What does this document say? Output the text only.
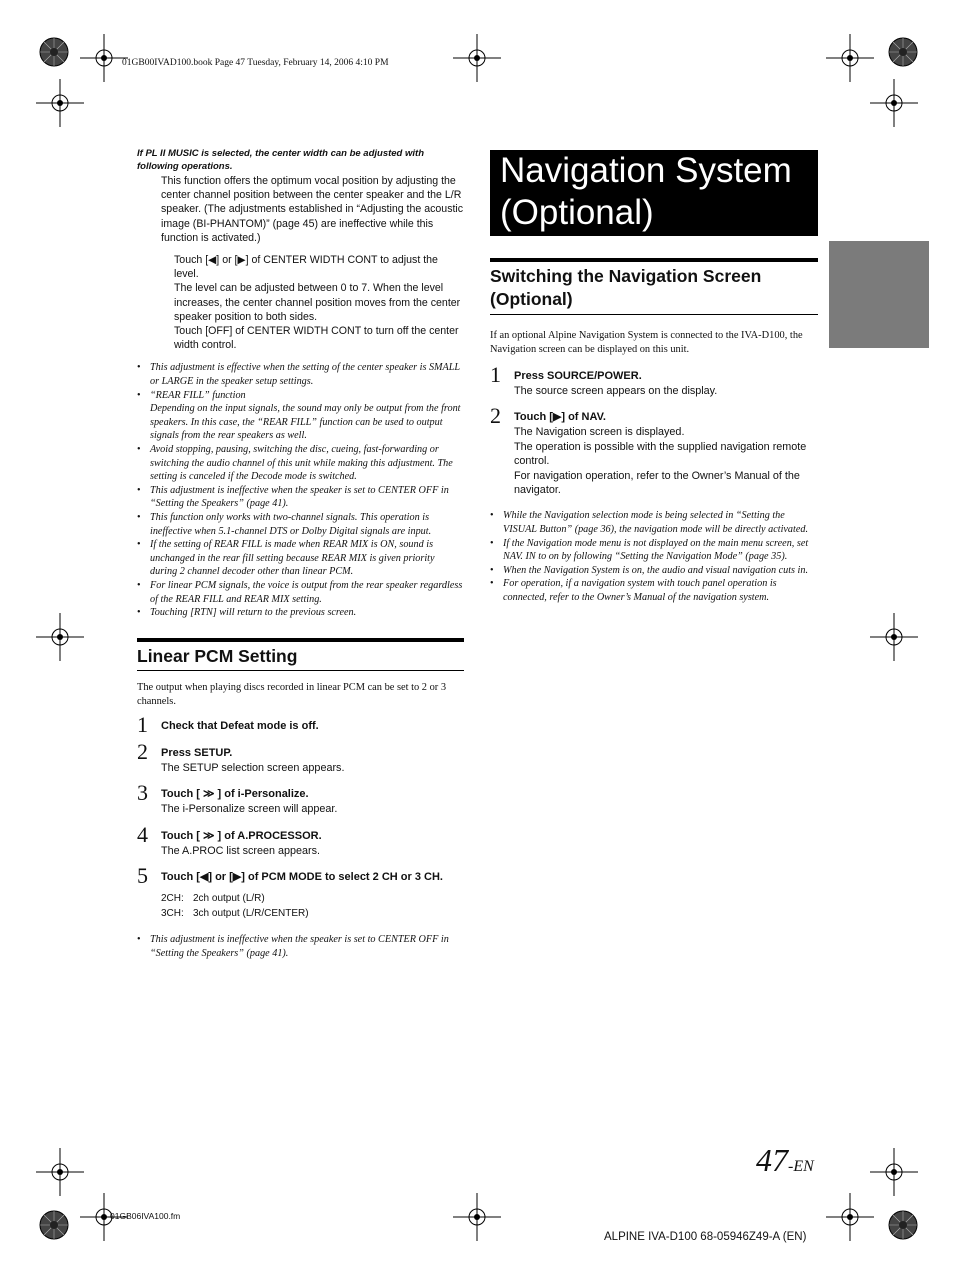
01GB00IVAD100.book Page 47 Tuesday, February 14, 2006 4:10 PM
If PL II MUSIC is selected, the center width can be adjusted with following operations.
This function offers the optimum vocal position by adjusting the center channel position between the center speaker and the L/R speaker. (The adjustments established in “Adjusting the acoustic image (BI-PHANTOM)” (page 45) are ineffective while this function is activated.)
Touch [◀] or [▶] of CENTER WIDTH CONT to adjust the level.
The level can be adjusted between 0 to 7. When the level increases, the center channel position moves from the center speaker position to both sides.
Touch [OFF] of CENTER WIDTH CONT to turn off the center width control.
• This adjustment is effective when the setting of the center speaker is SMALL or LARGE in the speaker setup settings.
• “REAR FILL” function
Depending on the input signals, the sound may only be output from the front speakers. In this case, the “REAR FILL” function can be used to output signals from the rear speakers as well.
• Avoid stopping, pausing, switching the disc, cueing, fast-forwarding or switching the audio channel of this unit while making this adjustment. The setting is canceled if the Decode mode is switched.
• This adjustment is ineffective when the speaker is set to CENTER OFF in “Setting the Speakers” (page 41).
• This function only works with two-channel signals. This operation is ineffective when 5.1-channel DTS or Dolby Digital signals are input.
• If the setting of REAR FILL is made when REAR MIX is ON, sound is unchanged in the rear fill setting because REAR MIX is given priority during 2 channel decoder other than linear PCM.
• For linear PCM signals, the voice is output from the rear speaker regardless of the REAR FILL and REAR MIX setting.
• Touching [RTN] will return to the previous screen.
Linear PCM Setting
The output when playing discs recorded in linear PCM can be set to 2 or 3 channels.
1 Check that Defeat mode is off.
2 Press SETUP.
The SETUP selection screen appears.
3 Touch [ ≫ ] of i-Personalize.
The i-Personalize screen will appear.
4 Touch [ ≫ ] of A.PROCESSOR.
The A.PROC list screen appears.
5 Touch [◀] or [▶] of PCM MODE to select 2 CH or 3 CH.
2CH: 2ch output (L/R)
3CH: 3ch output (L/R/CENTER)
• This adjustment is ineffective when the speaker is set to CENTER OFF in “Setting the Speakers” (page 41).
Navigation System
(Optional)
Switching the Navigation Screen
(Optional)
If an optional Alpine Navigation System is connected to the IVA-D100, the Navigation screen can be displayed on this unit.
1 Press SOURCE/POWER.
The source screen appears on the display.
2 Touch [▶] of NAV.
The Navigation screen is displayed.
The operation is possible with the supplied navigation remote control.
For navigation operation, refer to the Owner’s Manual of the navigator.
• While the Navigation selection mode is being selected in “Setting the VISUAL Button” (page 36), the navigation mode will be directly activated.
• If the Navigation mode menu is not displayed on the main menu screen, set NAV. IN to on by following “Setting the Navigation Mode” (page 35).
• When the Navigation System is on, the audio and visual navigation cuts in.
• For operation, if a navigation system with touch panel operation is connected, refer to the Owner’s Manual of the navigation system.
47-EN
01GB06IVA100.fm
ALPINE IVA-D100 68-05946Z49-A (EN)
